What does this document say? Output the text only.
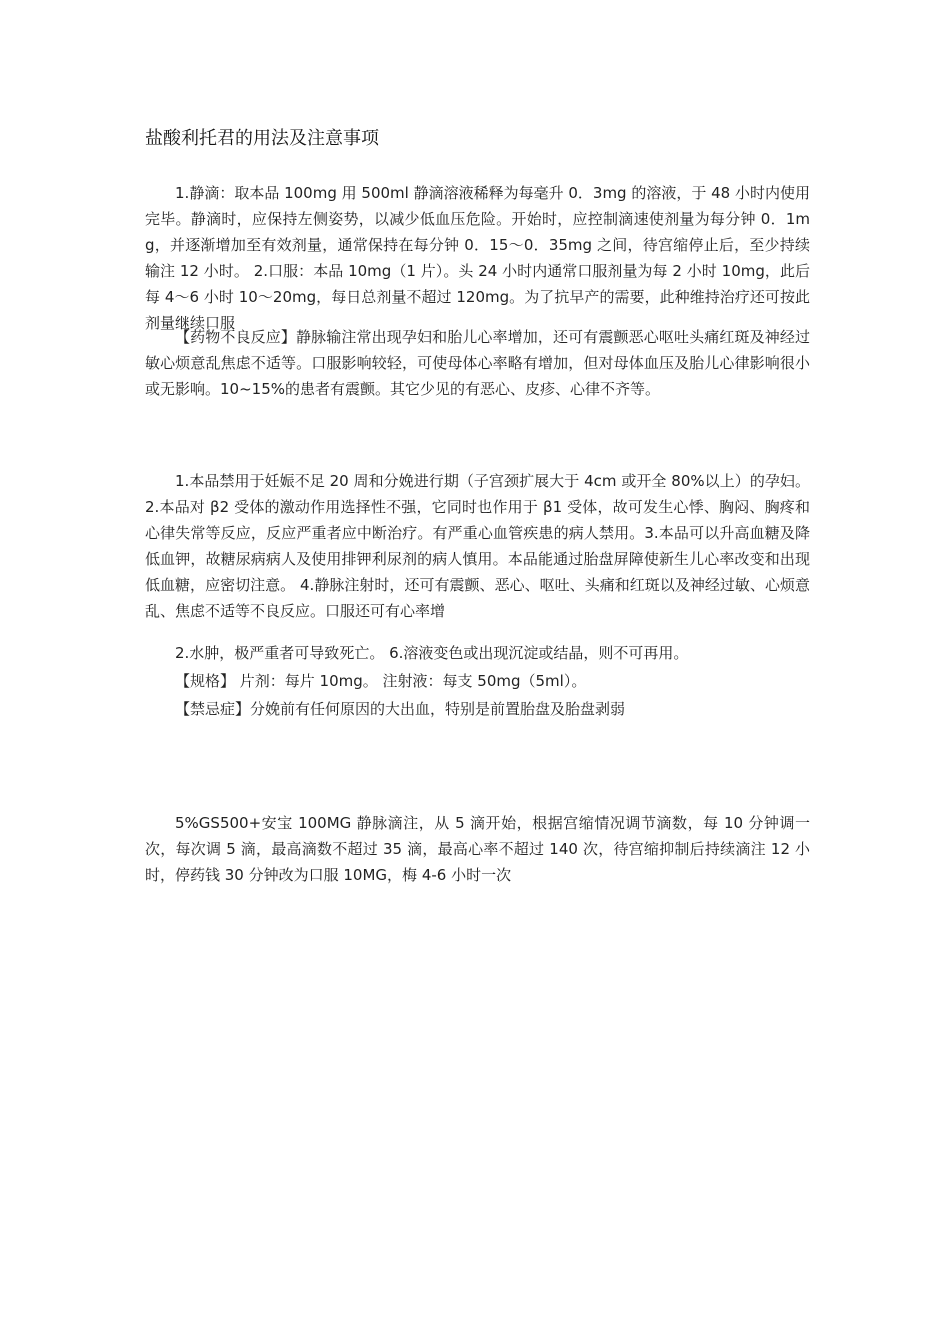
盐酸利托君的用法及注意事项

1.静滴：取本品 100mg 用 500ml 静滴溶液稀释为每毫升 0．3mg 的溶液，于 48 小时内使用完毕。静滴时，应保持左侧姿势，以减少低血压危险。开始时，应控制滴速使剂量为每分钟 0．1mg，并逐渐增加至有效剂量，通常保持在每分钟 0．15～0．35mg 之间，待宫缩停止后，至少持续输注 12 小时。 2.口服：本品 10mg（1 片）。头 24 小时内通常口服剂量为每 2 小时 10mg，此后每 4～6 小时 10～20mg，每日总剂量不超过 120mg。为了抗早产的需要，此种维持治疗还可按此剂量继续口服

【药物不良反应】静脉输注常出现孕妇和胎儿心率增加，还可有震颤恶心呕吐头痛红斑及神经过敏心烦意乱焦虑不适等。口服影响较轻，可使母体心率略有增加，但对母体血压及胎儿心律影响很小或无影响。10~15%的患者有震颤。其它少见的有恶心、皮疹、心律不齐等。

1.本品禁用于妊娠不足 20 周和分娩进行期（子宫颈扩展大于 4cm 或开全 80%以上）的孕妇。 2.本品对 β2 受体的激动作用选择性不强，它同时也作用于 β1 受体，故可发生心悸、胸闷、胸疼和心律失常等反应，反应严重者应中断治疗。有严重心血管疾患的病人禁用。3.本品可以升高血糖及降低血钾，故糖尿病病人及使用排钾利尿剂的病人慎用。本品能通过胎盘屏障使新生儿心率改变和出现低血糖，应密切注意。 4.静脉注射时，还可有震颤、恶心、呕吐、头痛和红斑以及神经过敏、心烦意乱、焦虑不适等不良反应。口服还可有心率增

2.水肿，极严重者可导致死亡。 6.溶液变色或出现沉淀或结晶，则不可再用。

【规格】 片剂：每片 10mg。 注射液：每支 50mg（5ml）。

【禁忌症】分娩前有任何原因的大出血，特别是前置胎盘及胎盘剥弱

5%GS500+安宝 100MG 静脉滴注，从 5 滴开始，根据宫缩情况调节滴数，每 10 分钟调一次，每次调 5 滴，最高滴数不超过 35 滴，最高心率不超过 140 次，待宫缩抑制后持续滴注 12 小时，停药钱 30 分钟改为口服 10MG，梅 4-6 小时一次
